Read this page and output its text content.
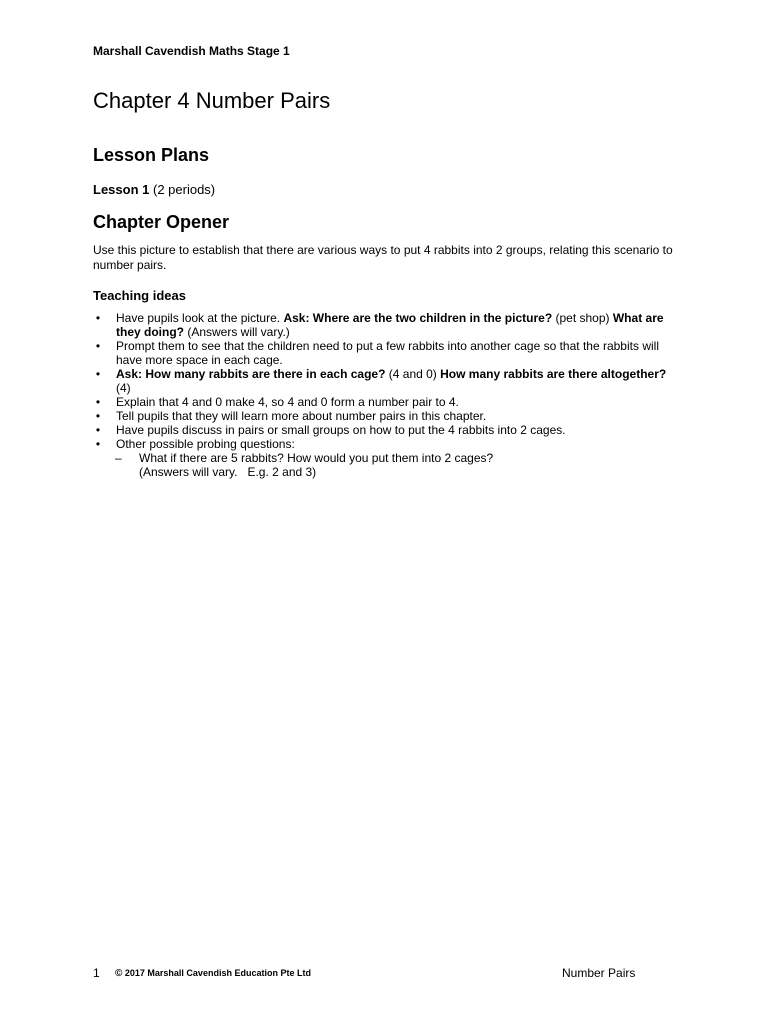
Marshall Cavendish Maths Stage 1
Chapter 4 Number Pairs
Lesson Plans
Lesson 1 (2 periods)
Chapter Opener
Use this picture to establish that there are various ways to put 4 rabbits into 2 groups, relating this scenario to number pairs.
Teaching ideas
• Have pupils look at the picture. Ask: Where are the two children in the picture? (pet shop) What are they doing? (Answers will vary.)
• Prompt them to see that the children need to put a few rabbits into another cage so that the rabbits will have more space in each cage.
• Ask: How many rabbits are there in each cage? (4 and 0) How many rabbits are there altogether? (4)
• Explain that 4 and 0 make 4, so 4 and 0 form a number pair to 4.
• Tell pupils that they will learn more about number pairs in this chapter.
• Have pupils discuss in pairs or small groups on how to put the 4 rabbits into 2 cages.
• Other possible probing questions:
– What if there are 5 rabbits? How would you put them into 2 cages?
(Answers will vary.   E.g. 2 and 3)
1 © 2017 Marshall Cavendish Education Pte Ltd	Number Pairs
